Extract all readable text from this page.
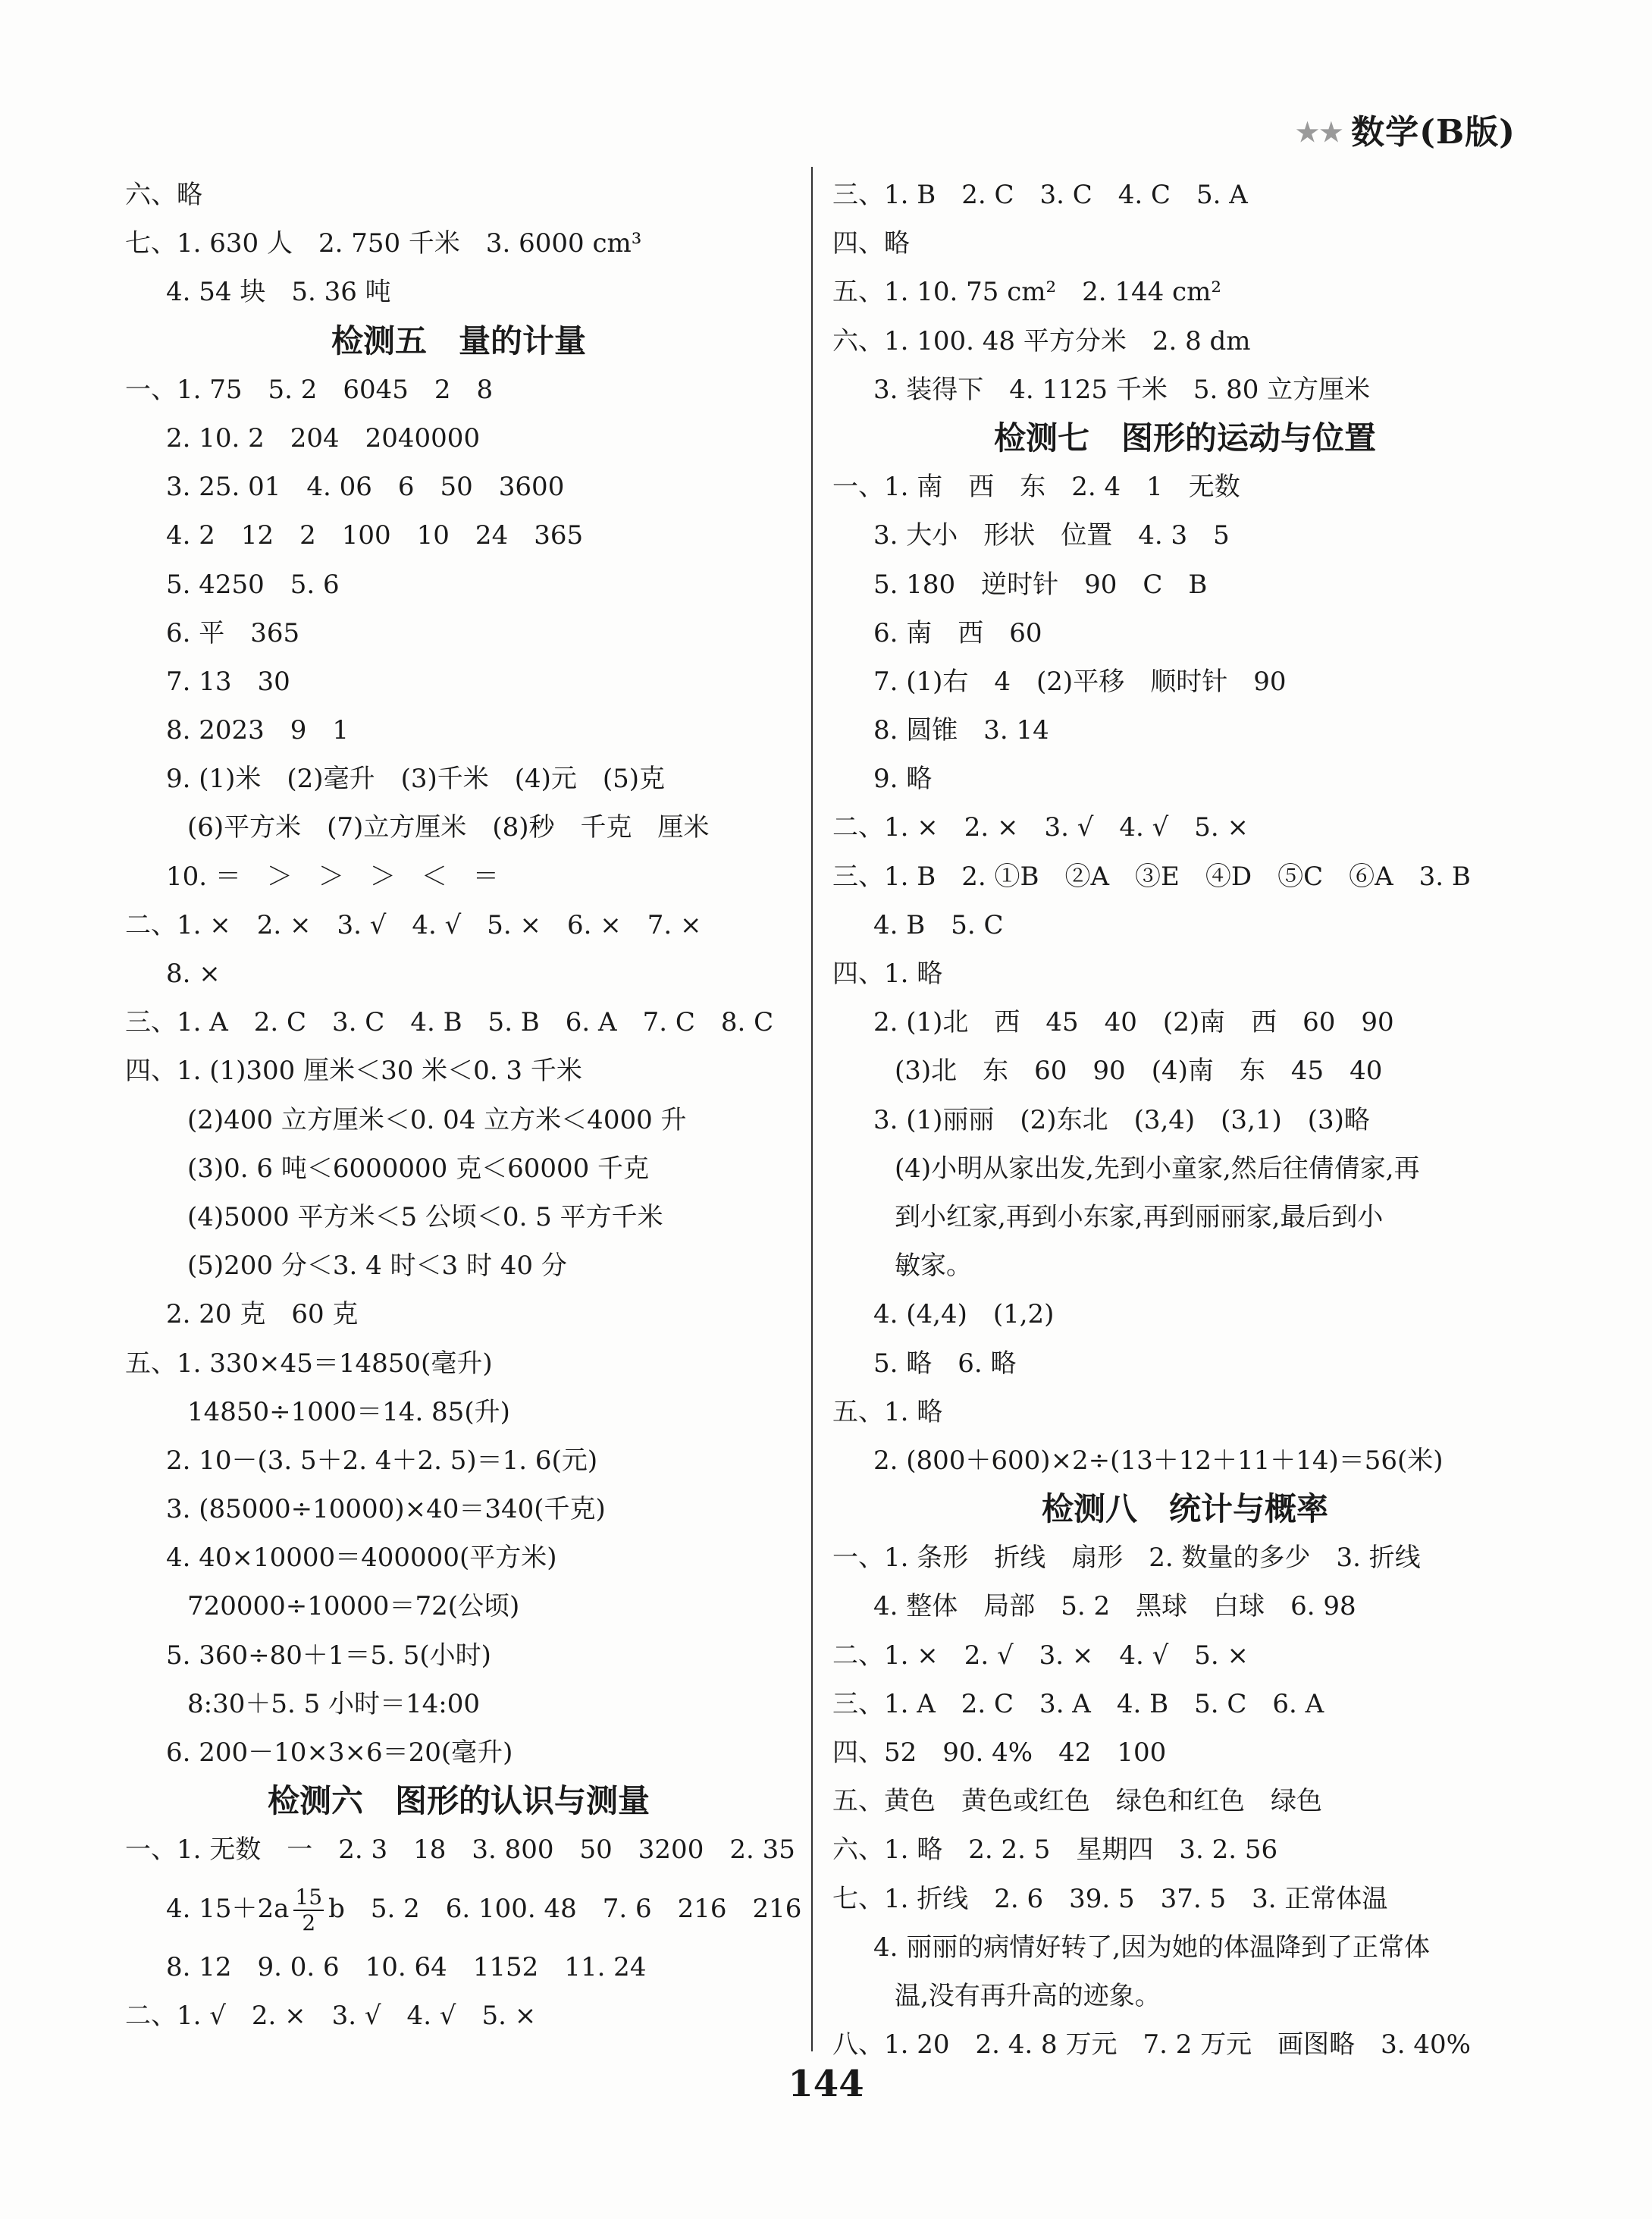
★★ 数学(B版)
六、略
七、1. 630 人　2. 750 千米　3. 6000 cm³
4. 54 块　5. 36 吨
检测五　量的计量
一、1. 75　5. 2　6045　2　8
2. 10. 2　204　2040000
3. 25. 01　4. 06　6　50　3600
4. 2　12　2　100　10　24　365
5. 4250　5. 6
6. 平　365
7. 13　30
8. 2023　9　1
9. (1)米　(2)毫升　(3)千米　(4)元　(5)克
(6)平方米　(7)立方厘米　(8)秒　千克　厘米
10. ＝　＞　＞　＞　＜　＝
二、1. ×　2. ×　3. √　4. √　5. ×　6. ×　7. ×
8. ×
三、1. A　2. C　3. C　4. B　5. B　6. A　7. C　8. C
四、1. (1)300 厘米＜30 米＜0. 3 千米
(2)400 立方厘米＜0. 04 立方米＜4000 升
(3)0. 6 吨＜6000000 克＜60000 千克
(4)5000 平方米＜5 公顷＜0. 5 平方千米
(5)200 分＜3. 4 时＜3 时 40 分
2. 20 克　60 克
五、1. 330×45＝14850(毫升)
14850÷1000＝14. 85(升)
2. 10－(3. 5＋2. 4＋2. 5)＝1. 6(元)
3. (85000÷10000)×40＝340(千克)
4. 40×10000＝400000(平方米)
720000÷10000＝72(公顷)
5. 360÷80＋1＝5. 5(小时)
8:30＋5. 5 小时＝14:00
6. 200－10×3×6＝20(毫升)
检测六　图形的认识与测量
一、1. 无数　一　2. 3　18　3. 800　50　3200　2. 35
4. $15+2a \frac{15}{2}$ b　5. 2　6. 100. 48　7. 6　216　216
8. 12　9. 0. 6　10. 64　1152　11. 24
二、1. √　2. ×　3. √　4. √　5. ×
三、1. B　2. C　3. C　4. C　5. A
四、略
五、1. 10. 75 cm²　2. 144 cm²
六、1. 100. 48 平方分米　2. 8 dm
3. 装得下　4. 1125 千米　5. 80 立方厘米
检测七　图形的运动与位置
一、1. 南　西　东　2. 4　1　无数
3. 大小　形状　位置　4. 3　5
5. 180　逆时针　90　C　B
6. 南　西　60
7. (1)右　4　(2)平移　顺时针　90
8. 圆锥　3. 14
9. 略
二、1. ×　2. ×　3. √　4. √　5. ×
三、1. B　2. ①B　②A　③E　④D　⑤C　⑥A　3. B
4. B　5. C
四、1. 略
2. (1)北　西　45　40　(2)南　西　60　90
(3)北　东　60　90　(4)南　东　45　40
3. (1)丽丽　(2)东北　(3,4)　(3,1)　(3)略
(4)小明从家出发,先到小童家,然后往倩倩家,再
到小红家,再到小东家,再到丽丽家,最后到小
敏家。
4. (4,4)　(1,2)
5. 略　6. 略
五、1. 略
2. (800＋600)×2÷(13＋12＋11＋14)＝56(米)
检测八　统计与概率
一、1. 条形　折线　扇形　2. 数量的多少　3. 折线
4. 整体　局部　5. 2　黑球　白球　6. 98
二、1. ×　2. √　3. ×　4. √　5. ×
三、1. A　2. C　3. A　4. B　5. C　6. A
四、52　90. 4%　42　100
五、黄色　黄色或红色　绿色和红色　绿色
六、1. 略　2. 2. 5　星期四　3. 2. 56
七、1. 折线　2. 6　39. 5　37. 5　3. 正常体温
4. 丽丽的病情好转了,因为她的体温降到了正常体
温,没有再升高的迹象。
八、1. 20　2. 4. 8 万元　7. 2 万元　画图略　3. 40%
144
